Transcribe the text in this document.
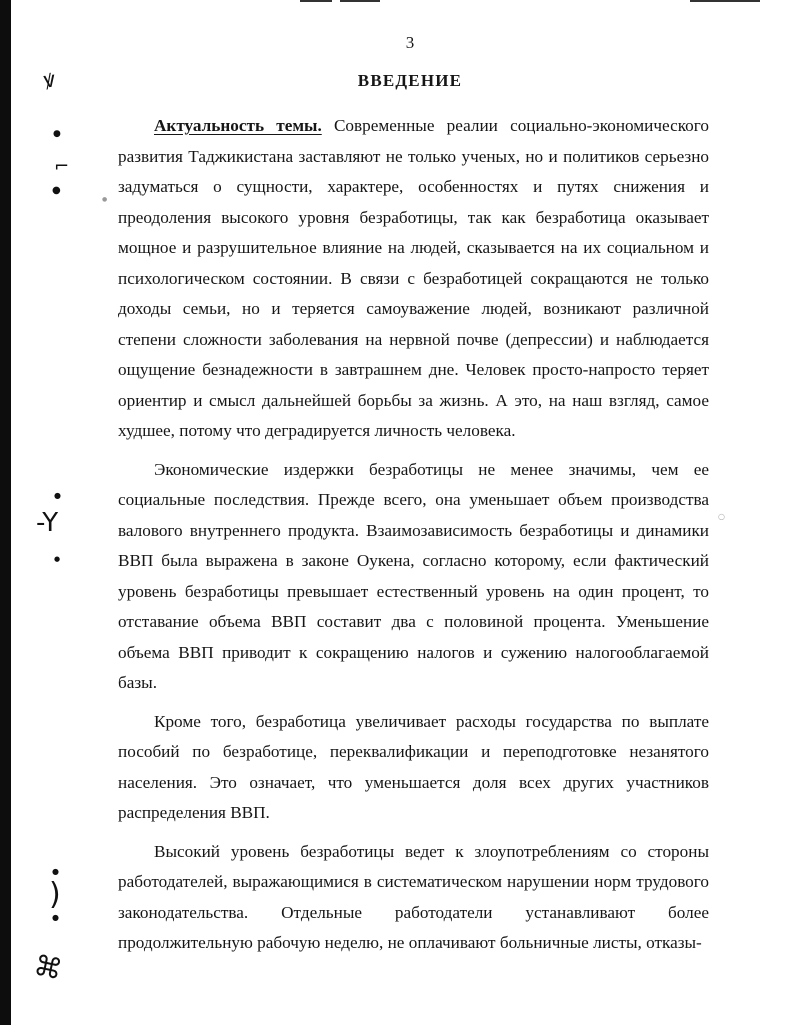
ꝟ
●
⌐
●
●
-Y
●
●
)
●
⌘
●
○
3
ВВЕДЕНИЕ

Актуальность темы. Современные реалии социально-экономического развития Таджикистана заставляют не только ученых, но и политиков серьезно задуматься о сущности, характере, особенностях и путях снижения и преодоления высокого уровня безработицы, так как безработица оказывает мощное и разрушительное влияние на людей, сказывается на их социальном и психологическом состоянии. В связи с безработицей сокращаются не только доходы семьи, но и теряется самоуважение людей, возникают различной степени сложности заболевания на нервной почве (депрессии) и наблюдается ощущение безнадежности в завтрашнем дне. Человек просто-напросто теряет ориентир и смысл дальнейшей борьбы за жизнь. А это, на наш взгляд, самое худшее, потому что деградируется личность человека.

Экономические издержки безработицы не менее значимы, чем ее социальные последствия. Прежде всего, она уменьшает объем производства валового внутреннего продукта. Взаимозависимость безработицы и динамики ВВП была выражена в законе Оукена, согласно которому, если фактический уровень безработицы превышает естественный уровень на один процент, то отставание объема ВВП составит два с половиной процента. Уменьшение объема ВВП приводит к сокращению налогов и сужению налогооблагаемой базы.

Кроме того, безработица увеличивает расходы государства по выплате пособий по безработице, переквалификации и переподготовке незанятого населения. Это означает, что уменьшается доля всех других участников распределения ВВП.

Высокий уровень безработицы ведет к злоупотреблениям со стороны работодателей, выражающимися в систематическом нарушении норм трудового законодательства. Отдельные работодатели устанавливают более продолжительную рабочую неделю, не оплачивают больничные листы, отказы-
